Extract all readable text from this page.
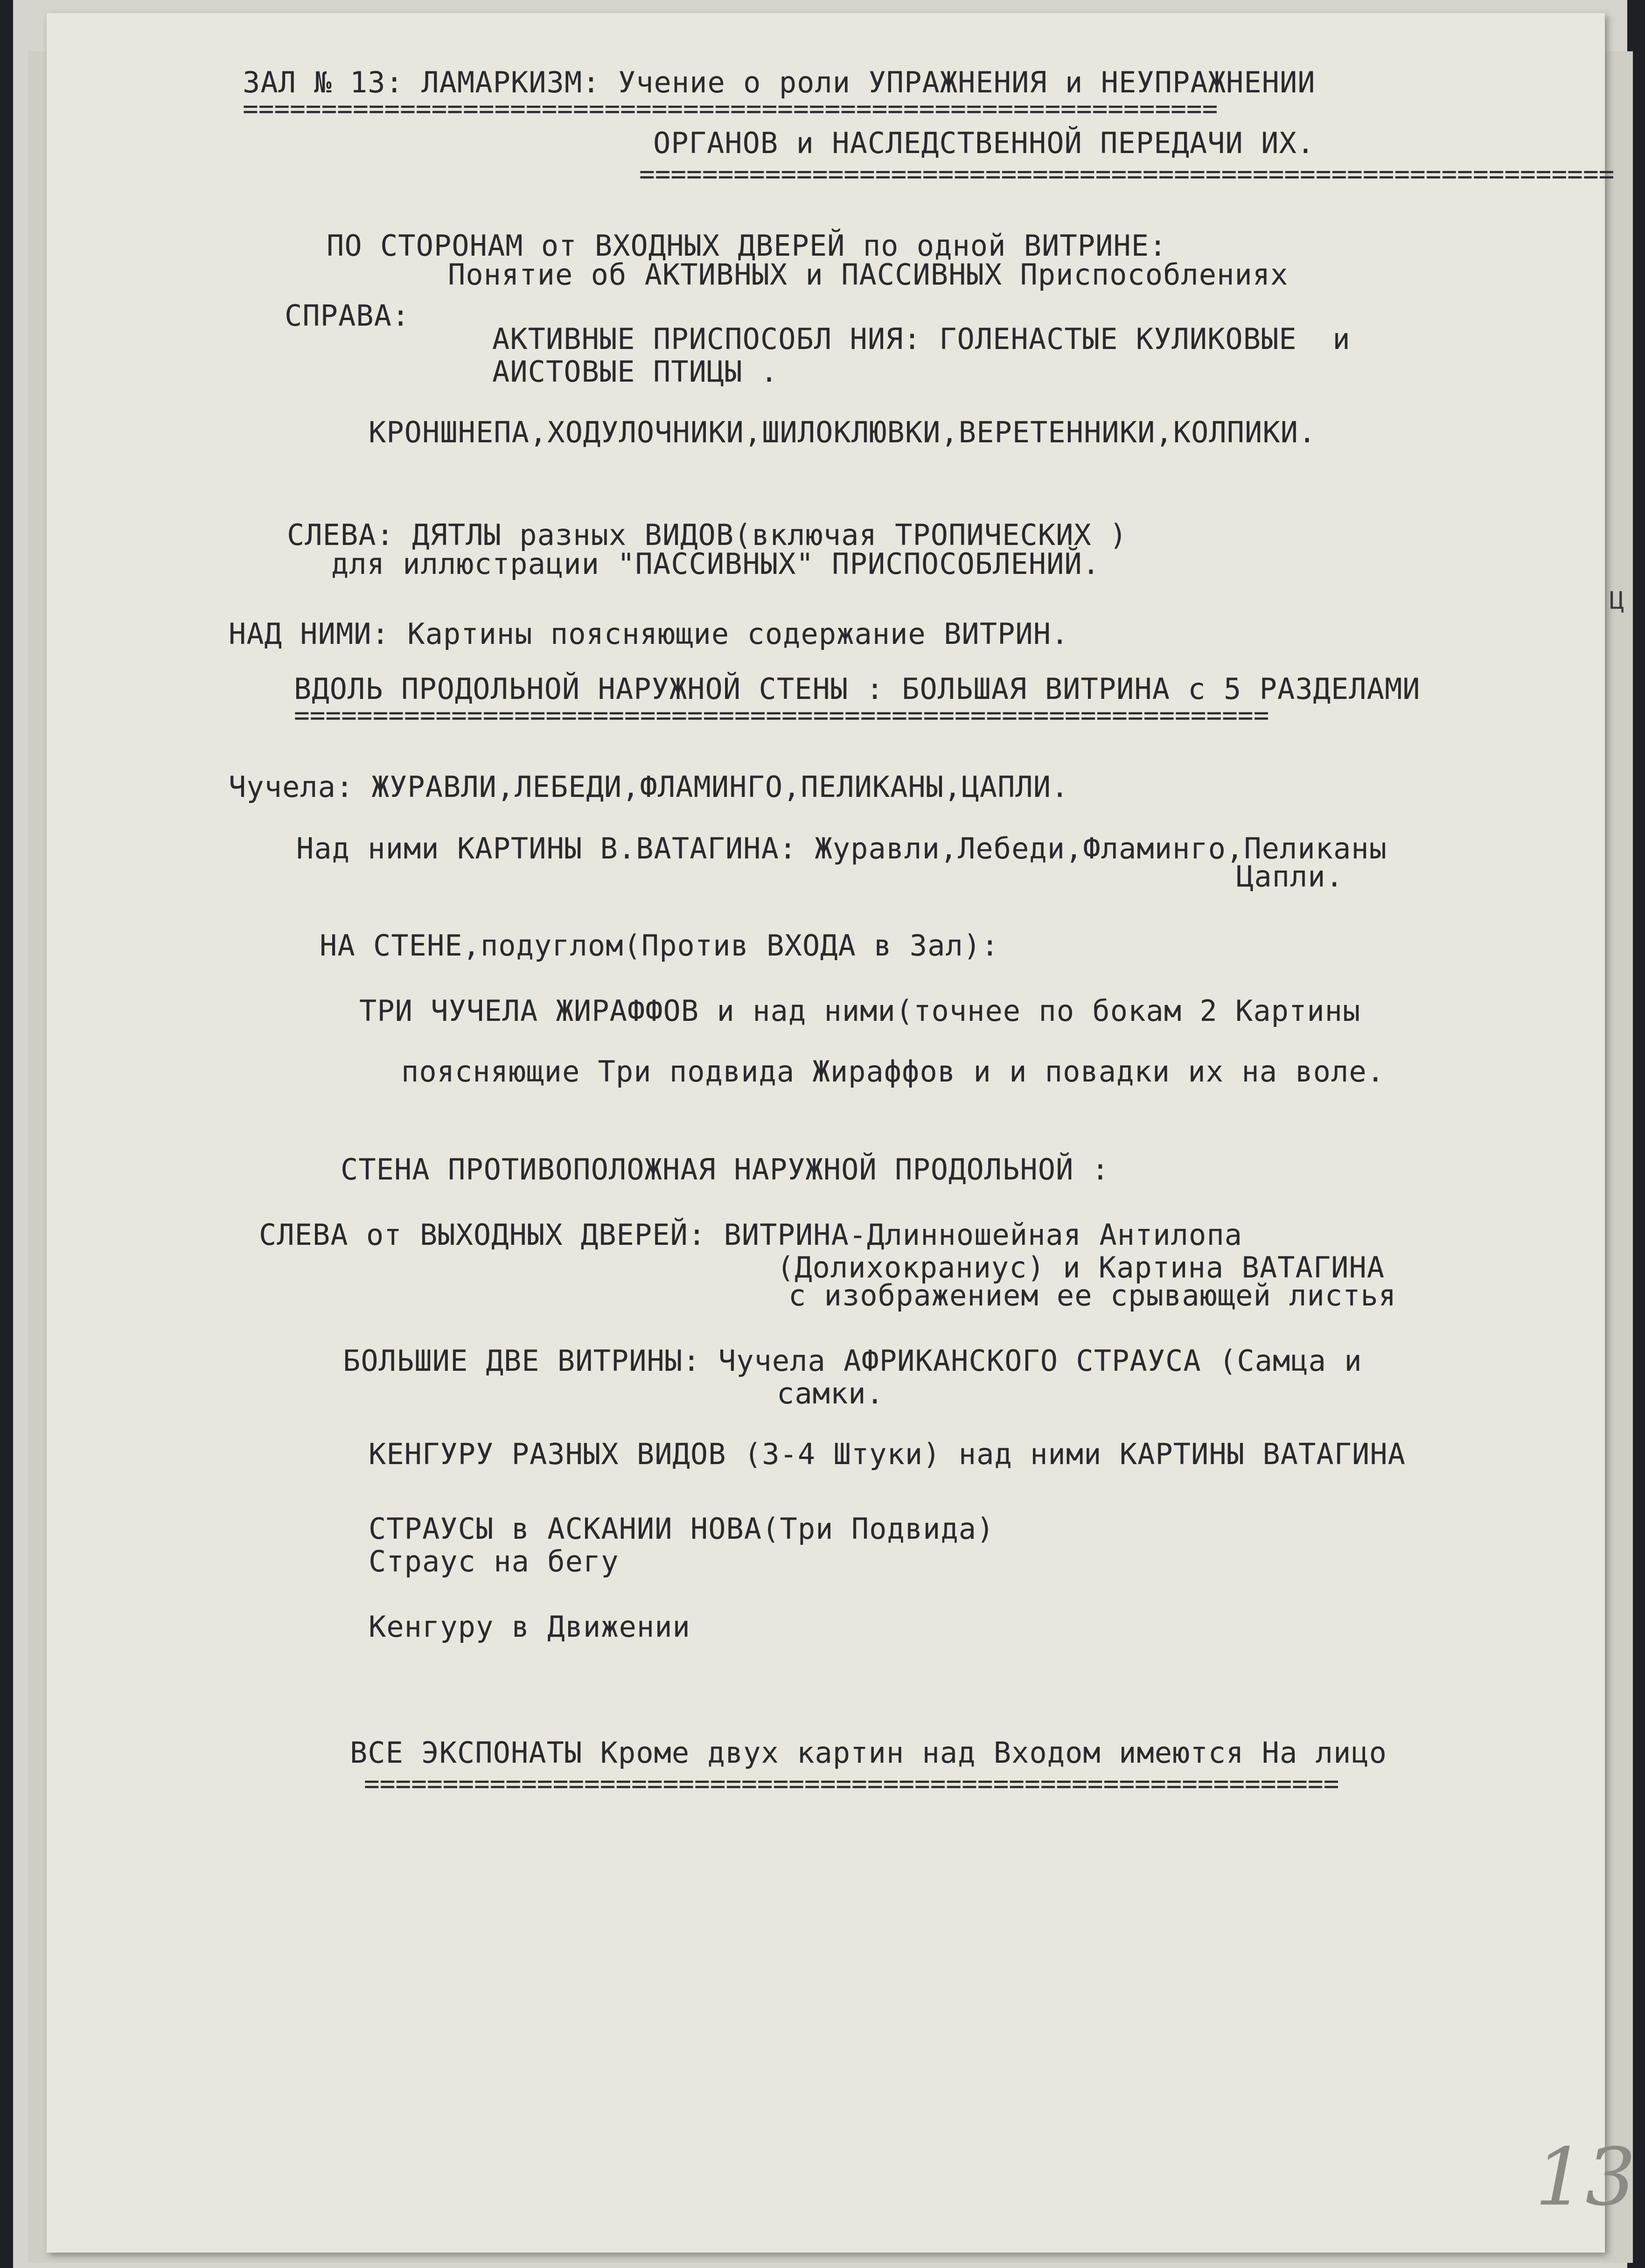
ЗАЛ № 13: ЛАМАРКИЗМ: Учение о роли УПРАЖНЕНИЯ и НЕУПРАЖНЕНИИ
==============================================================
ОРГАНОВ и НАСЛЕДСТВЕННОЙ ПЕРЕДАЧИ ИХ.
==============================================================
ПО СТОРОНАМ от ВХОДНЫХ ДВЕРЕЙ по одной ВИТРИНЕ:
Понятие об АКТИВНЫХ и ПАССИВНЫХ Приспособлениях
СПРАВА:
АКТИВНЫЕ ПРИСПОСОБЛ НИЯ: ГОЛЕНАСТЫЕ КУЛИКОВЫЕ  и
АИСТОВЫЕ ПТИЦЫ .
КРОНШНЕПА,ХОДУЛОЧНИКИ,ШИЛОКЛЮВКИ,ВЕРЕТЕННИКИ,КОЛПИКИ.
СЛЕВА: ДЯТЛЫ разных ВИДОВ(включая ТРОПИЧЕСКИХ )
для иллюстрации "ПАССИВНЫХ" ПРИСПОСОБЛЕНИЙ.
НАД НИМИ: Картины поясняющие содержание ВИТРИН.
ВДОЛЬ ПРОДОЛЬНОЙ НАРУЖНОЙ СТЕНЫ : БОЛЬШАЯ ВИТРИНА с 5 РАЗДЕЛАМИ
==============================================================
Чучела: ЖУРАВЛИ,ЛЕБЕДИ,ФЛАМИНГО,ПЕЛИКАНЫ,ЦАПЛИ.
Над ними КАРТИНЫ В.ВАТАГИНА: Журавли,Лебеди,Фламинго,Пеликаны
Цапли.
НА СТЕНЕ,подуглом(Против ВХОДА в Зал):
ТРИ ЧУЧЕЛА ЖИРАФФОВ и над ними(точнее по бокам 2 Картины
поясняющие Три подвида Жираффов и и повадки их на воле.
СТЕНА ПРОТИВОПОЛОЖНАЯ НАРУЖНОЙ ПРОДОЛЬНОЙ :
СЛЕВА от ВЫХОДНЫХ ДВЕРЕЙ: ВИТРИНА-Длинношейная Антилопа
(Долихокраниус) и Картина ВАТАГИНА
с изображением ее срывающей листья
БОЛЬШИЕ ДВЕ ВИТРИНЫ: Чучела АФРИКАНСКОГО СТРАУСА (Самца и
самки.
КЕНГУРУ РАЗНЫХ ВИДОВ (3-4 Штуки) над ними КАРТИНЫ ВАТАГИНА
СТРАУСЫ в АСКАНИИ НОВА(Три Подвида)
Страус на бегу
Кенгуру в Движении
ВСЕ ЭКСПОНАТЫ Кроме двух картин над Входом имеются На лицо
==============================================================
13
Ц
